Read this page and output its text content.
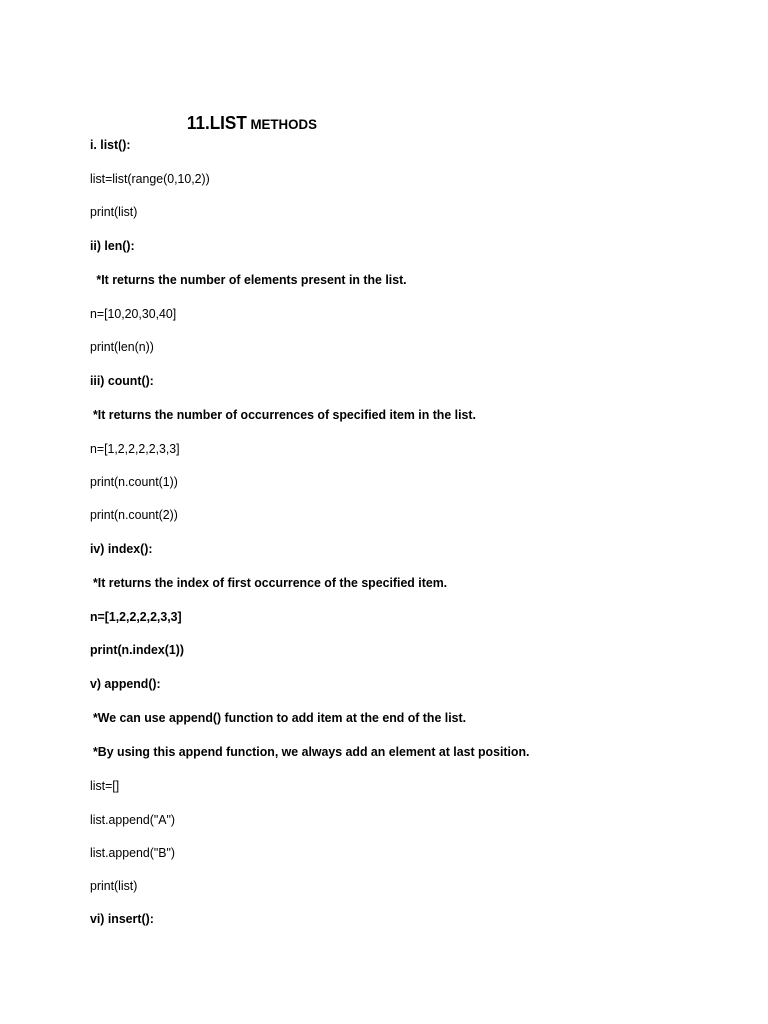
11.LIST METHODS

i. list():
list=list(range(0,10,2))
print(list)
ii) len():
*It returns the number of elements present in the list.
n=[10,20,30,40]
print(len(n))
iii) count():
*It returns the number of occurrences of specified item in the list.
n=[1,2,2,2,2,3,3]
print(n.count(1))
print(n.count(2))
iv) index():
*It returns the index of first occurrence of the specified item.
n=[1,2,2,2,2,3,3]
print(n.index(1))
v) append():
*We can use append() function to add item at the end of the list.
*By using this append function, we always add an element at last position.
list=[]
list.append("A")
list.append("B")
print(list)
vi) insert():
